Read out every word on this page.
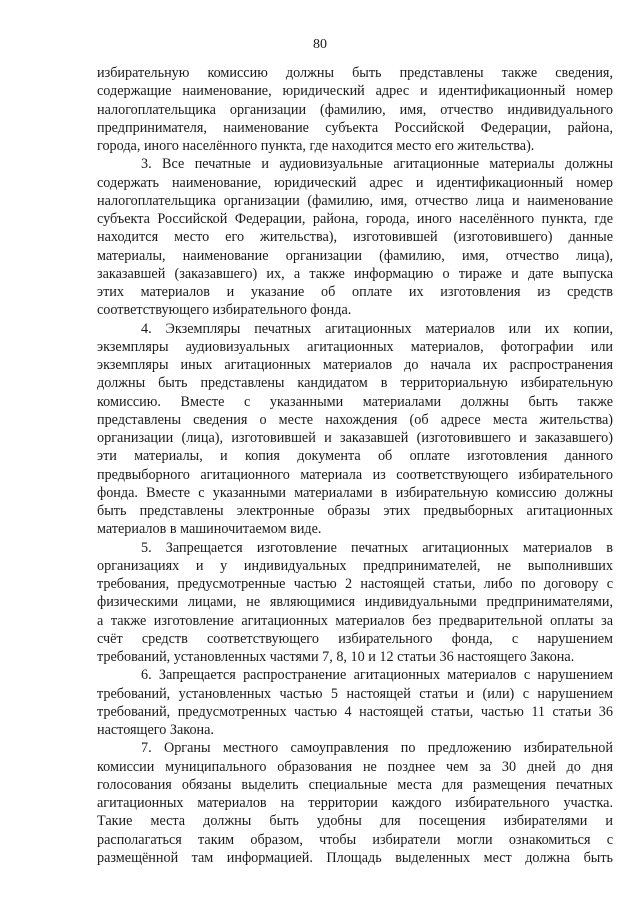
80
избирательную комиссию должны быть представлены также сведения,
содержащие наименование, юридический адрес и идентификационный номер
налогоплательщика организации (фамилию, имя, отчество индивидуального
предпринимателя, наименование субъекта Российской Федерации, района,
города, иного населённого пункта, где находится место его жительства).
3. Все печатные и аудиовизуальные агитационные материалы должны
содержать наименование, юридический адрес и идентификационный номер
налогоплательщика организации (фамилию, имя, отчество лица и наименование
субъекта Российской Федерации, района, города, иного населённого пункта, где
находится место его жительства), изготовившей (изготовившего) данные
материалы, наименование организации (фамилию, имя, отчество лица),
заказавшей (заказавшего) их, а также информацию о тираже и дате выпуска
этих материалов и указание об оплате их изготовления из средств
соответствующего избирательного фонда.
4. Экземпляры печатных агитационных материалов или их копии,
экземпляры аудиовизуальных агитационных материалов, фотографии или
экземпляры иных агитационных материалов до начала их распространения
должны быть представлены кандидатом в территориальную избирательную
комиссию. Вместе с указанными материалами должны быть также
представлены сведения о месте нахождения (об адресе места жительства)
организации (лица), изготовившей и заказавшей (изготовившего и заказавшего)
эти материалы, и копия документа об оплате изготовления данного
предвыборного агитационного материала из соответствующего избирательного
фонда. Вместе с указанными материалами в избирательную комиссию должны
быть представлены электронные образы этих предвыборных агитационных
материалов в машиночитаемом виде.
5. Запрещается изготовление печатных агитационных материалов в
организациях и у индивидуальных предпринимателей, не выполнивших
требования, предусмотренные частью 2 настоящей статьи, либо по договору с
физическими лицами, не являющимися индивидуальными предпринимателями,
а также изготовление агитационных материалов без предварительной оплаты за
счёт средств соответствующего избирательного фонда, с нарушением
требований, установленных частями 7, 8, 10 и 12 статьи 36 настоящего Закона.
6. Запрещается распространение агитационных материалов с нарушением
требований, установленных частью 5 настоящей статьи и (или) с нарушением
требований, предусмотренных частью 4 настоящей статьи, частью 11 статьи 36
настоящего Закона.
7. Органы местного самоуправления по предложению избирательной
комиссии муниципального образования не позднее чем за 30 дней до дня
голосования обязаны выделить специальные места для размещения печатных
агитационных материалов на территории каждого избирательного участка.
Такие места должны быть удобны для посещения избирателями и
располагаться таким образом, чтобы избиратели могли ознакомиться с
размещённой там информацией. Площадь выделенных мест должна быть
